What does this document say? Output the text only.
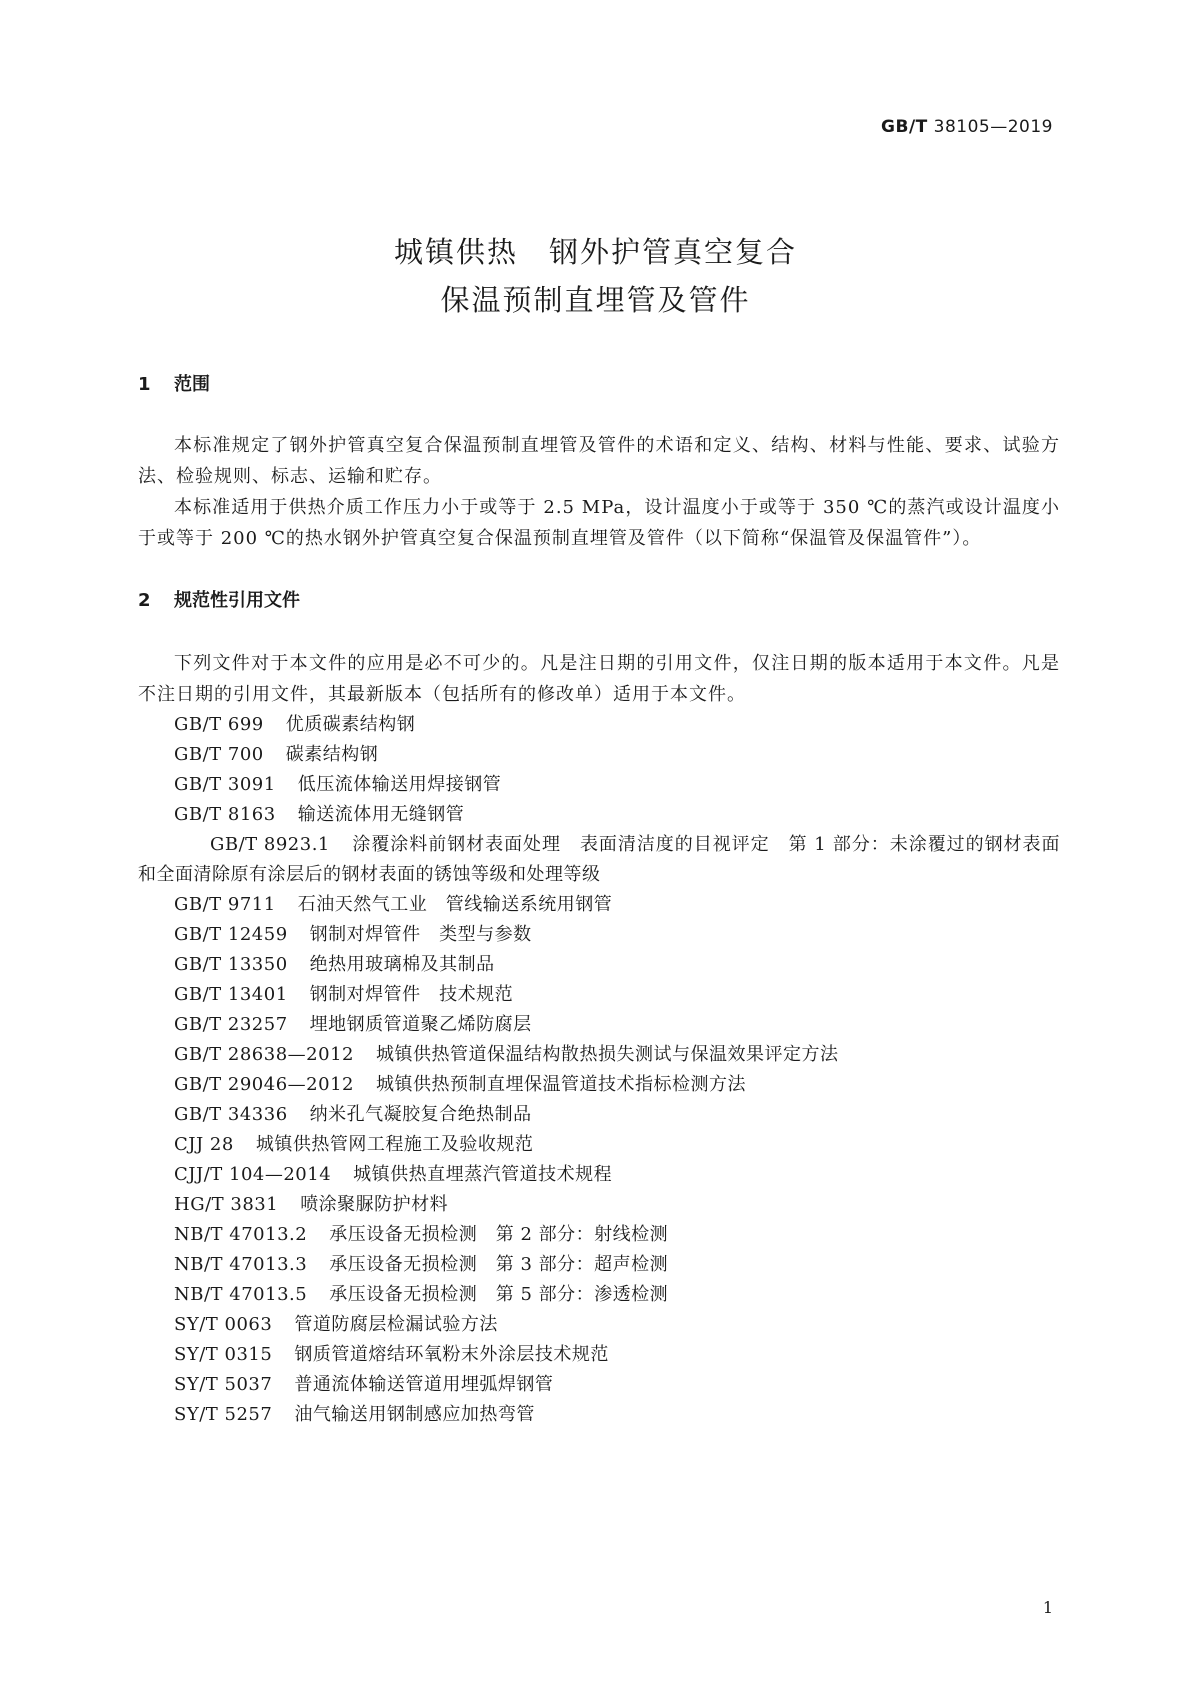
GB/T 38105—2019
城镇供热　钢外护管真空复合
保温预制直埋管及管件
1 范围

本标准规定了钢外护管真空复合保温预制直埋管及管件的术语和定义、结构、材料与性能、要求、试验方法、检验规则、标志、运输和贮存。

本标准适用于供热介质工作压力小于或等于 2.5 MPa，设计温度小于或等于 350 ℃的蒸汽或设计温度小于或等于 200 ℃的热水钢外护管真空复合保温预制直埋管及管件（以下简称“保温管及保温管件”）。

2 规范性引用文件

下列文件对于本文件的应用是必不可少的。凡是注日期的引用文件，仅注日期的版本适用于本文件。凡是不注日期的引用文件，其最新版本（包括所有的修改单）适用于本文件。

GB/T 699 优质碳素结构钢

GB/T 700 碳素结构钢

GB/T 3091 低压流体输送用焊接钢管

GB/T 8163 输送流体用无缝钢管

GB/T 8923.1 涂覆涂料前钢材表面处理　表面清洁度的目视评定　第 1 部分：未涂覆过的钢材表面和全面清除原有涂层后的钢材表面的锈蚀等级和处理等级

GB/T 9711 石油天然气工业　管线输送系统用钢管

GB/T 12459 钢制对焊管件　类型与参数

GB/T 13350 绝热用玻璃棉及其制品

GB/T 13401 钢制对焊管件　技术规范

GB/T 23257 埋地钢质管道聚乙烯防腐层

GB/T 28638—2012 城镇供热管道保温结构散热损失测试与保温效果评定方法

GB/T 29046—2012 城镇供热预制直埋保温管道技术指标检测方法

GB/T 34336 纳米孔气凝胶复合绝热制品

CJJ 28 城镇供热管网工程施工及验收规范

CJJ/T 104—2014 城镇供热直埋蒸汽管道技术规程

HG/T 3831 喷涂聚脲防护材料

NB/T 47013.2 承压设备无损检测　第 2 部分：射线检测

NB/T 47013.3 承压设备无损检测　第 3 部分：超声检测

NB/T 47013.5 承压设备无损检测　第 5 部分：渗透检测

SY/T 0063 管道防腐层检漏试验方法

SY/T 0315 钢质管道熔结环氧粉末外涂层技术规范

SY/T 5037 普通流体输送管道用埋弧焊钢管

SY/T 5257 油气输送用钢制感应加热弯管

1
